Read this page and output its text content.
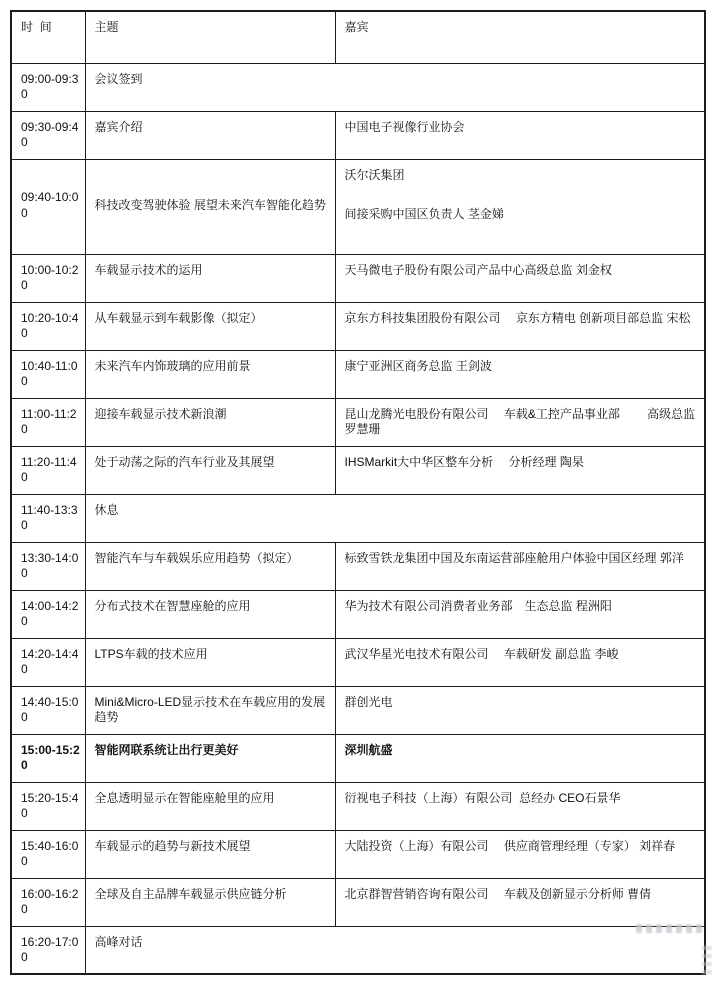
时  间	主题	嘉宾
09:00-09:30	会议签到	
09:30-09:40	嘉宾介绍	中国电子视像行业协会
09:40-10:00	科技改变驾驶体验 展望未来汽车智能化趋势	沃尔沃集团
间接采购中国区负责人 茎金娣

10:00-10:20	车载显示技术的运用	天马微电子股份有限公司产品中心高级总监 刘金权
10:20-10:40	从车载显示到车载影像（拟定）	京东方科技集团股份有限公司　 京东方精电 创新项目部总监 宋松
10:40-11:00	未来汽车内饰玻璃的应用前景	康宁亚洲区商务总监 王剑波
11:00-11:20	迎接车载显示技术新浪潮	昆山龙腾光电股份有限公司　 车载&工控产品事业部　　 高级总监罗慧珊
11:20-11:40	处于动荡之际的汽车行业及其展望	IHSMarkit大中华区整车分析　 分析经理 陶杲
11:40-13:30	休息	
13:30-14:00	智能汽车与车载娱乐应用趋势（拟定）	标致雪铁龙集团中国及东南运营部座舱用户体验中国区经理 郭洋
14:00-14:20	分布式技术在智慧座舱的应用	华为技术有限公司消费者业务部　生态总监 程洲阳
14:20-14:40	LTPS车载的技术应用	武汉华星光电技术有限公司　 车载研发 副总监 李峻
14:40-15:00	Mini&Micro-LED显示技术在车载应用的发展趋势	群创光电
15:00-15:20	智能网联系统让出行更美好	深圳航盛
15:20-15:40	全息透明显示在智能座舱里的应用	衍视电子科技（上海）有限公司  总经办 CEO石景华
15:40-16:00	车载显示的趋势与新技术展望	大陆投资（上海）有限公司　 供应商管理经理（专家） 刘祥春
16:00-16:20	全球及自主品牌车载显示供应链分析	北京群智营销咨询有限公司　 车载及创新显示分析师 曹倩
16:20-17:00	高峰对话	
